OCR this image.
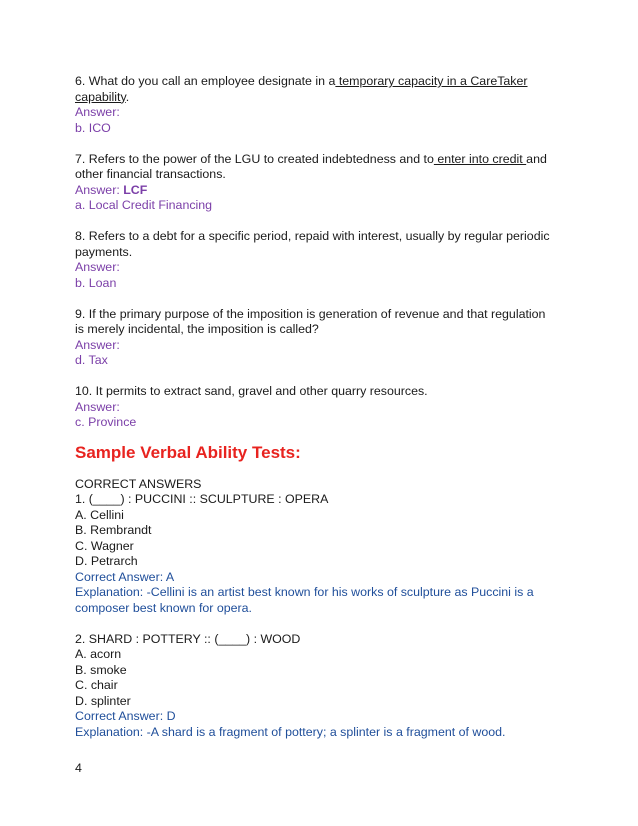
6. What do you call an employee designate in a temporary capacity in a CareTaker capability.
Answer:
b. ICO
7. Refers to the power of the LGU to created indebtedness and to enter into credit and other financial transactions.
Answer: LCF
a. Local Credit Financing
8. Refers to a debt for a specific period, repaid with interest, usually by regular periodic payments.
Answer:
b. Loan
9. If the primary purpose of the imposition is generation of revenue and that regulation is merely incidental, the imposition is called?
Answer:
d. Tax
10. It permits to extract sand, gravel and other quarry resources.
Answer:
c. Province
Sample Verbal Ability Tests:
CORRECT ANSWERS
1. (____) : PUCCINI :: SCULPTURE : OPERA
A. Cellini
B. Rembrandt
C. Wagner
D. Petrarch
Correct Answer: A
Explanation: -Cellini is an artist best known for his works of sculpture as Puccini is a composer best known for opera.
2. SHARD : POTTERY :: (____) : WOOD
A. acorn
B. smoke
C. chair
D. splinter
Correct Answer: D
Explanation: -A shard is a fragment of pottery; a splinter is a fragment of wood.
4
